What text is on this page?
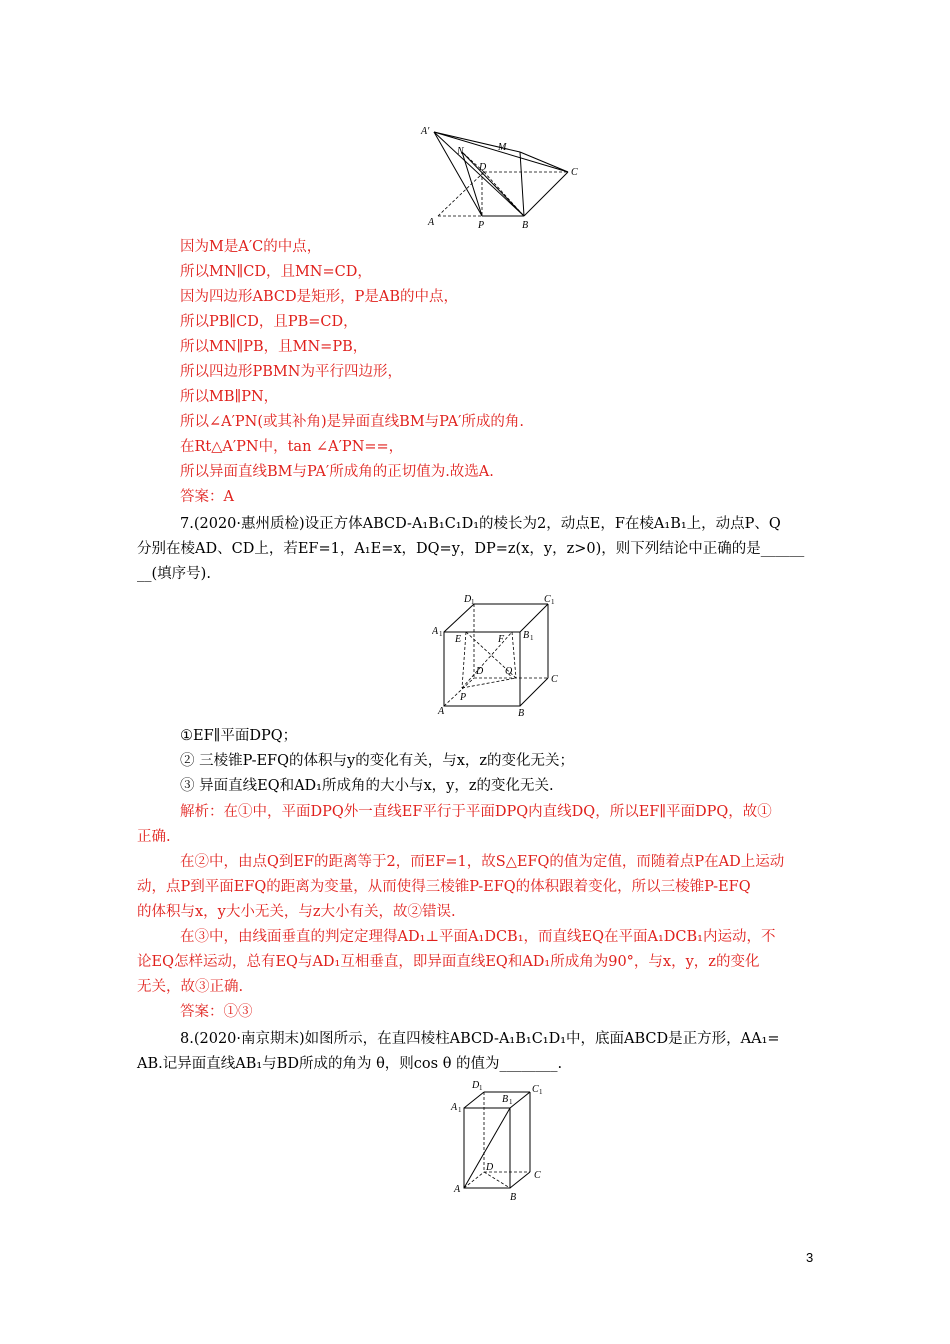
A′
M
N
D	C
A	P	B
因为M是A′C的中点，
所以MN∥CD，且MN=CD，
因为四边形ABCD是矩形，P是AB的中点，
所以PB∥CD，且PB=CD，
所以MN∥PB，且MN=PB，
所以四边形PBMN为平行四边形，
所以MB∥PN，
所以∠A′PN(或其补角)是异面直线BM与PA′所成的角.
在Rt△A′PN中，tan ∠A′PN==，
所以异面直线BM与PA′所成角的正切值为.故选A.
答案：A
7.(2020·惠州质检)设正方体ABCD-A₁B₁C₁D₁的棱长为2，动点E，F在棱A₁B₁上，动点P、Q
分别在棱AD、CD上，若EF=1，A₁E=x，DQ=y，DP=z(x，y，z>0)，则下列结论中正确的是______
__(填序号).
D 1	C 1
A 1 E	F B 1
D Q
C
P
A	B
①EF∥平面DPQ；
② 三棱锥P-EFQ的体积与y的变化有关，与x，z的变化无关；
③ 异面直线EQ和AD₁所成角的大小与x，y，z的变化无关.
解析：在①中，平面DPQ外一直线EF平行于平面DPQ内直线DQ，所以EF∥平面DPQ，故①
正确.
在②中，由点Q到EF的距离等于2，而EF=1，故S△EFQ的值为定值，而随着点P在AD上运动
动，点P到平面EFQ的距离为变量，从而使得三棱锥P-EFQ的体积跟着变化，所以三棱锥P-EFQ
的体积与x，y大小无关，与z大小有关，故②错误.
在③中，由线面垂直的判定定理得AD₁⊥平面A₁DCB₁，而直线EQ在平面A₁DCB₁内运动，不
论EQ怎样运动，总有EQ与AD₁互相垂直，即异面直线EQ和AD₁所成角为90°，与x，y，z的变化
无关，故③正确.
答案：①③
8.(2020·南京期末)如图所示，在直四棱柱ABCD-A₁B₁C₁D₁中，底面ABCD是正方形，AA₁=
AB.记异面直线AB₁与BD所成的角为 θ，则cos θ 的值为________.
D 1
B 1
C 1
A 1
D
C
A
B
3
